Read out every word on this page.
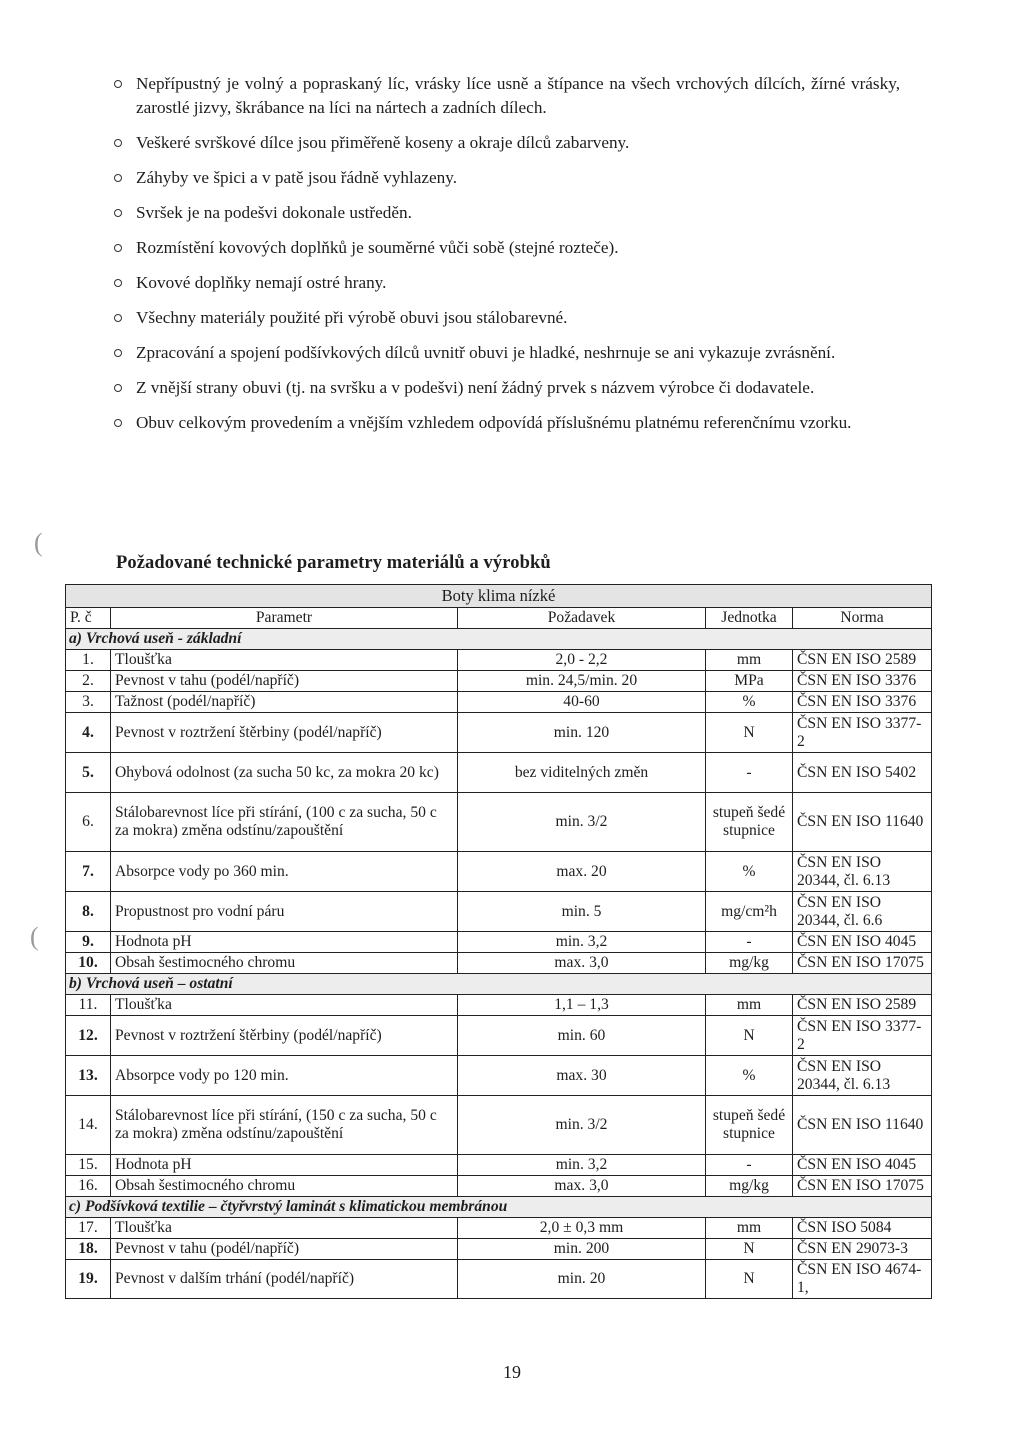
Nepřípustný je volný a popraskaný líc, vrásky líce usně a štípance na všech vrchových dílcích, žírné vrásky, zarostlé jizvy, škrábance na líci na nártech a zadních dílech.
Veškeré svrškové dílce jsou přiměřeně koseny a okraje dílců zabarveny.
Záhyby ve špici a v patě jsou řádně vyhlazeny.
Svršek je na podešvi dokonale ustředěn.
Rozmístění kovových doplňků je souměrné vůči sobě (stejné rozteče).
Kovové doplňky nemají ostré hrany.
Všechny materiály použité při výrobě obuvi jsou stálobarevné.
Zpracování a spojení podšívkových dílců uvnitř obuvi je hladké, neshrnuje se ani vykazuje zvrásnění.
Z vnější strany obuvi (tj. na svršku a v podešvi) není žádný prvek s názvem výrobce či dodavatele.
Obuv celkovým provedením a vnějším vzhledem odpovídá příslušnému platnému referenčnímu vzorku.
(
(
Požadované technické parametry materiálů a výrobků
Boty klima nízké				
P. č	Parametr	Požadavek	Jednotka	Norma
a) Vrchová useň - základní				
1.	Tloušťka	2,0 - 2,2	mm	ČSN EN ISO 2589
2.	Pevnost v tahu (podél/napříč)	min. 24,5/min. 20	MPa	ČSN EN ISO 3376
3.	Tažnost (podél/napříč)	40-60	%	ČSN EN ISO 3376
4.	Pevnost v roztržení štěrbiny (podél/napříč)	min. 120	N	ČSN EN ISO 3377-2
5.	Ohybová odolnost (za sucha 50 kc, za mokra 20 kc)	bez viditelných změn	-	ČSN EN ISO 5402
6.	Stálobarevnost líce při stírání, (100 c za sucha, 50 c za mokra) změna odstínu/zapouštění	min. 3/2	stupeň šedé stupnice	ČSN EN ISO 11640
7.	Absorpce vody po 360 min.	max. 20	%	ČSN EN ISO 20344, čl. 6.13
8.	Propustnost pro vodní páru	min. 5	mg/cm²h	ČSN EN ISO 20344, čl. 6.6
9.	Hodnota pH	min. 3,2	-	ČSN EN ISO 4045
10.	Obsah šestimocného chromu	max. 3,0	mg/kg	ČSN EN ISO 17075
b) Vrchová useň – ostatní				
11.	Tloušťka	1,1 – 1,3	mm	ČSN EN ISO 2589
12.	Pevnost v roztržení štěrbiny (podél/napříč)	min. 60	N	ČSN EN ISO 3377-2
13.	Absorpce vody po 120 min.	max. 30	%	ČSN EN ISO 20344, čl. 6.13
14.	Stálobarevnost líce při stírání, (150 c za sucha, 50 c za mokra) změna odstínu/zapouštění	min. 3/2	stupeň šedé stupnice	ČSN EN ISO 11640
15.	Hodnota pH	min. 3,2	-	ČSN EN ISO 4045
16.	Obsah šestimocného chromu	max. 3,0	mg/kg	ČSN EN ISO 17075
c) Podšívková textilie – čtyřvrstvý laminát s klimatickou membránou				
17.	Tloušťka	2,0 ± 0,3 mm	mm	ČSN ISO 5084
18.	Pevnost v tahu (podél/napříč)	min. 200	N	ČSN EN 29073-3
19.	Pevnost v dalším trhání (podél/napříč)	min. 20	N	ČSN EN ISO 4674-1,
19
